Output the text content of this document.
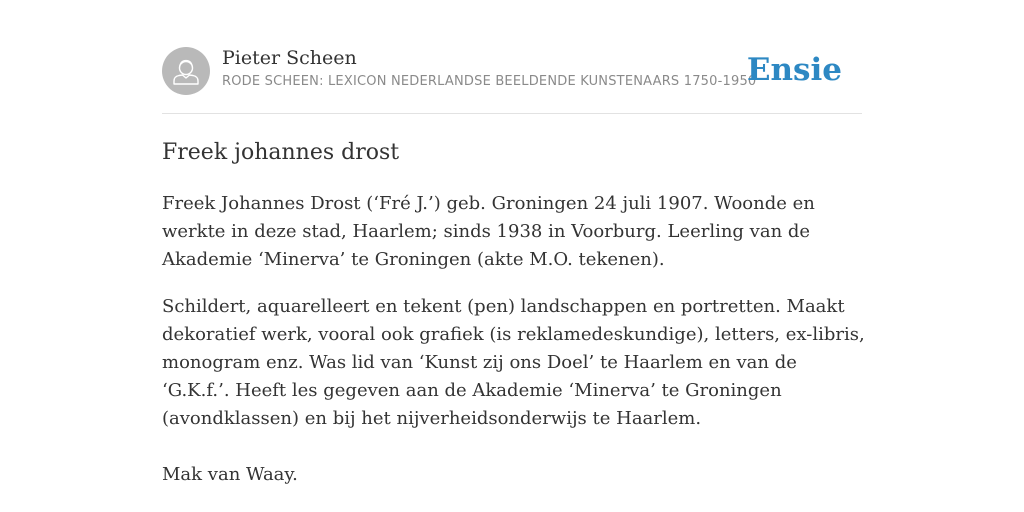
Pieter Scheen
RODE SCHEEN: LEXICON NEDERLANDSE BEELDENDE KUNSTENAARS 1750-1950
Ensie
Freek johannes drost

Freek Johannes Drost (‘Fré J.’) geb. Groningen 24 juli 1907. Woonde en werkte in deze stad, Haarlem; sinds 1938 in Voorburg. Leerling van de Akademie ‘Minerva’ te Groningen (akte M.O. tekenen).

Schildert, aquarelleert en tekent (pen) landschappen en portretten. Maakt dekoratief werk, vooral ook grafiek (is reklamedeskundige), letters, ex-libris, monogram enz. Was lid van ‘Kunst zij ons Doel’ te Haarlem en van de ‘G.K.f.’. Heeft les gegeven aan de Akademie ‘Minerva’ te Groningen (avondklassen) en bij het nijverheidsonderwijs te Haarlem.

Mak van Waay.
